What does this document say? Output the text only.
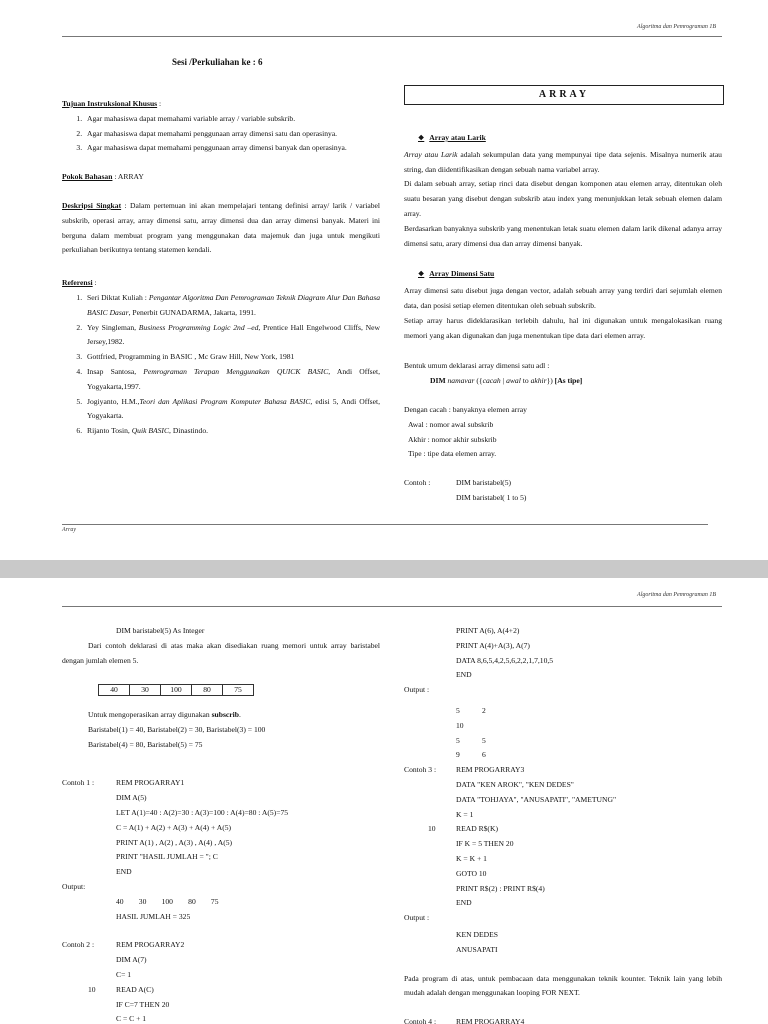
Algoritma dan Pemrograman 1B
Sesi /Perkuliahan ke : 6
ARRAY

Tujuan Instruksional Khusus :

1. Agar mahasiswa dapat memahami variable array / variable subskrib.
2. Agar mahasiswa dapat memahami penggunaan array dimensi satu dan operasinya.
3. Agar mahasiswa dapat memahami penggunaan array dimensi banyak dan operasinya.

Pokok Bahasan : ARRAY

Deskripsi Singkat : Dalam pertemuan ini akan mempelajari tentang definisi array/ larik / variabel subskrib, operasi array, array dimensi satu, array dimensi dua dan array dimensi banyak. Materi ini berguna dalam membuat program yang menggunakan data majemuk dan juga untuk mengikuti perkuliahan berikutnya tentang statemen kendali.

Referensi :

1. Seri Diktat Kuliah : Pengantar Algoritma Dan Pemrograman Teknik Diagram Alur Dan Bahasa BASIC Dasar, Penerbit GUNADARMA, Jakarta, 1991.
2. Yey Singleman, Business Programming Logic 2nd –ed, Prentice Hall Engelwood Cliffs, New Jersey,1982.
3. Gottfried, Programming in BASIC , Mc Graw Hill, New York, 1981
4. Insap Santosa, Pemrograman Terapan Menggunakan QUICK BASIC, Andi Offset, Yogyakarta,1997.
5. Jogiyanto, H.M.,Teori dan Aplikasi Program Komputer Bahasa BASIC, edisi 5, Andi Offset, Yogyakarta.
6. Rijanto Tosin, Quik BASIC, Dinastindo.

❖ Array atau Larik

Array atau Larik adalah sekumpulan data yang mempunyai tipe data sejenis. Misalnya numerik atau string, dan diidentifikasikan dengan sebuah nama variabel array.

Di dalam sebuah array, setiap rinci data disebut dengan komponen atau elemen array, ditentukan oleh suatu besaran yang disebut dengan subskrib atau index yang menunjukkan letak sebuah elemen dalam array.

Berdasarkan banyaknya subskrib yang menentukan letak suatu elemen dalam larik dikenal adanya array dimensi satu, arary dimensi dua dan array dimensi banyak.

❖ Array Dimensi Satu

Array dimensi satu disebut juga dengan vector, adalah sebuah array yang terdiri dari sejumlah elemen data, dan posisi setiap elemen ditentukan oleh sebuah subskrib.

Setiap array harus dideklarasikan terlebih dahulu, hal ini digunakan untuk mengalokasikan ruang memori yang akan digunakan dan juga menentukan tipe data dari elemen array.

Bentuk umum deklarasi array dimensi satu adl :

DIM namavar ({cacah | awal to akhir}) [As tipe]

Dengan cacah : banyaknya elemen array

Awal : nomor awal subskrib

Akhir : nomor akhir subskrib

Tipe : tipe data elemen array.

Contoh :	DIM baristabel(5)

DIM baristabel( 1 to 5)

Array
Algoritma dan Pemrograman 1B

DIM baristabel(5) As Integer

Dari contoh deklarasi di atas maka akan disediakan ruang memori untuk array baristabel dengan jumlah elemen 5.

40	30	100	80	75

Untuk mengoperasikan array digunakan subscrib.

Baristabel(1) = 40, Baristabel(2) = 30, Baristabel(3) = 100

Baristabel(4) = 80, Baristabel(5) = 75

Contoh 1 :	REM PROGARRAY1

DIM A(5)

LET A(1)=40 : A(2)=30 : A(3)=100 : A(4)=80 : A(5)=75

C = A(1) + A(2) + A(3) + A(4) + A(5)

PRINT A(1) , A(2) , A(3) , A(4) , A(5)

PRINT "HASIL JUMLAH = "; C

END

Output:

40        30        100        80        75

HASIL JUMLAH = 325

Contoh 2 :	REM PROGARRAY2

DIM A(7)

C= 1

10	READ A(C)

IF C=7 THEN 20

C = C + 1

PRINT A(6), A(4+2)

PRINT A(4)+A(3), A(7)

DATA 8,6,5,4,2,5,6,2,2,1,7,10,5

END

Output :

5	2

10

5	5

9	6

Contoh 3 :	REM PROGARRAY3

DATA "KEN AROK", "KEN DEDES"

DATA "TOHJAYA", "ANUSAPATI", "AMETUNG"

K = 1

10	READ R$(K)

IF K = 5 THEN 20

K = K + 1

GOTO 10

PRINT R$(2) : PRINT R$(4)

END

Output :

KEN DEDES

ANUSAPATI

Pada program di atas, untuk pembacaan data menggunakan teknik kounter. Teknik lain yang lebih mudah adalah dengan menggunakan looping FOR NEXT.

Contoh 4 :	REM PROGARRAY4
